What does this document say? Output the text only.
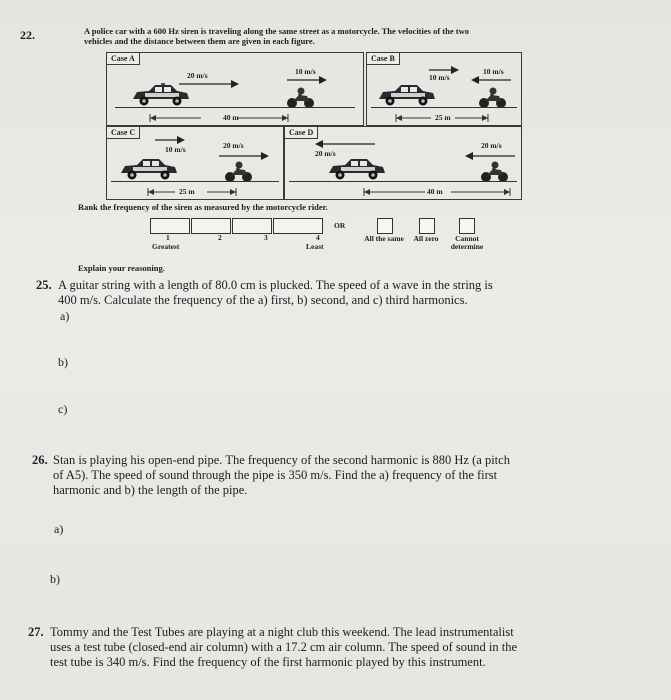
22.	A police car with a 600 Hz siren is traveling along the same street as a motorcycle. The velocities of the two
vehicles and the distance between them are given in each figure.
Case A
20 m/s	10 m/s
40 m
Case B
10 m/s
10 m/s
25 m
Case C
10 m/s	20 m/s
25 m
Case D
20 m/s
20 m/s
40 m
Rank the frequency of the siren as measured by the motorcycle rider.
1	2	3	4
Greatest	Least
OR
All the same All zero	Cannot determine
Explain your reasoning.
25. A guitar string with a length of 80.0 cm is plucked. The speed of a wave in the string is
400 m/s. Calculate the frequency of the a) first, b) second, and c) third harmonics.
a)
b)
c)
26. Stan is playing his open-end pipe. The frequency of the second harmonic is 880 Hz (a pitch
of A5). The speed of sound through the pipe is 350 m/s. Find the a) frequency of the first
harmonic and b) the length of the pipe.
a)
b)
27. Tommy and the Test Tubes are playing at a night club this weekend. The lead instrumentalist
uses a test tube (closed-end air column) with a 17.2 cm air column. The speed of sound in the
test tube is 340 m/s. Find the frequency of the first harmonic played by this instrument.
